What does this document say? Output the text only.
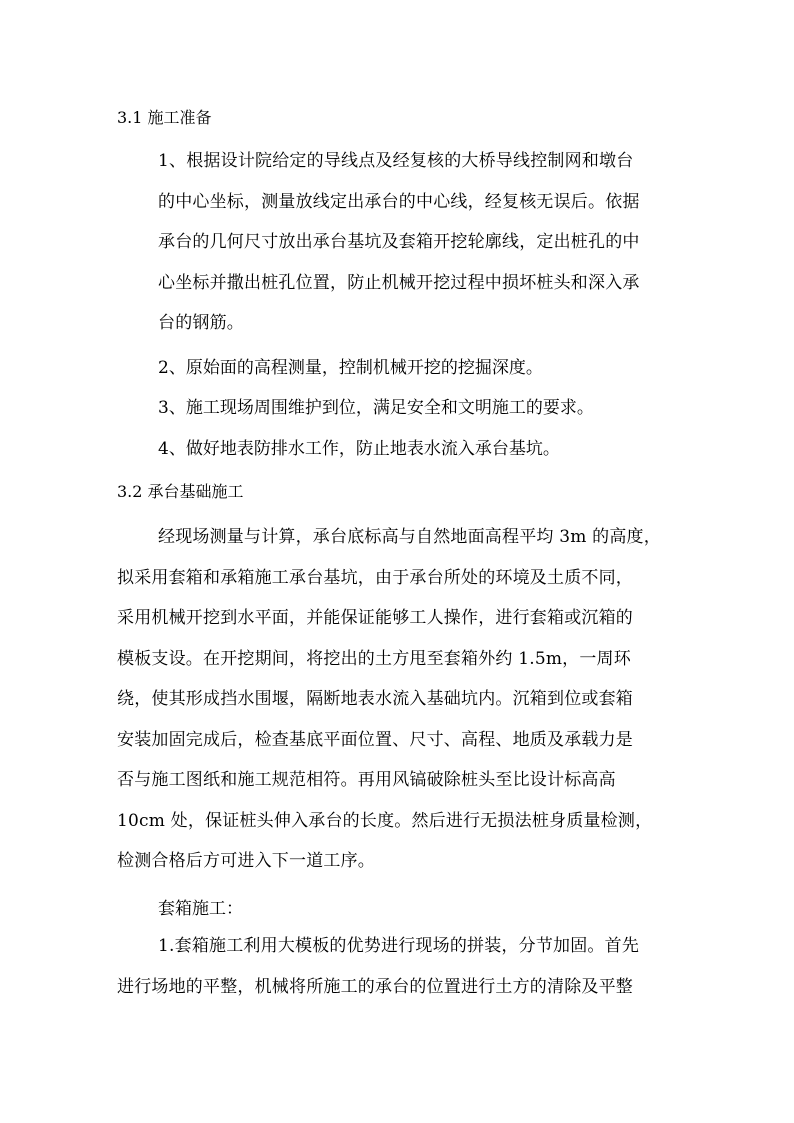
3.1 施工准备
1、根据设计院给定的导线点及经复核的大桥导线控制网和墩台
的中心坐标，测量放线定出承台的中心线，经复核无误后。依据
承台的几何尺寸放出承台基坑及套箱开挖轮廓线，定出桩孔的中
心坐标并撒出桩孔位置，防止机械开挖过程中损坏桩头和深入承
台的钢筋。
2、原始面的高程测量，控制机械开挖的挖掘深度。
3、施工现场周围维护到位，满足安全和文明施工的要求。
4、做好地表防排水工作，防止地表水流入承台基坑。
3.2 承台基础施工
经现场测量与计算，承台底标高与自然地面高程平均 3m 的高度，
拟采用套箱和承箱施工承台基坑，由于承台所处的环境及土质不同，
采用机械开挖到水平面，并能保证能够工人操作，进行套箱或沉箱的
模板支设。在开挖期间，将挖出的土方甩至套箱外约 1.5m，一周环
绕，使其形成挡水围堰，隔断地表水流入基础坑内。沉箱到位或套箱
安装加固完成后，检查基底平面位置、尺寸、高程、地质及承载力是
否与施工图纸和施工规范相符。再用风镐破除桩头至比设计标高高
10cm 处，保证桩头伸入承台的长度。然后进行无损法桩身质量检测，
检测合格后方可进入下一道工序。
套箱施工：
1.套箱施工利用大模板的优势进行现场的拼装，分节加固。首先
进行场地的平整，机械将所施工的承台的位置进行土方的清除及平整
